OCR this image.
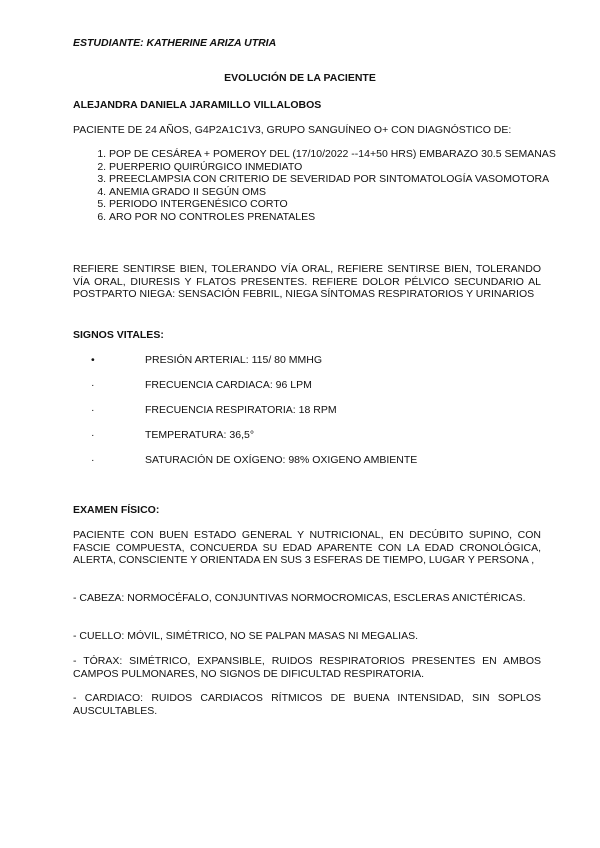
ESTUDIANTE: KATHERINE ARIZA UTRIA
EVOLUCIÓN DE LA PACIENTE
ALEJANDRA DANIELA JARAMILLO VILLALOBOS
PACIENTE DE 24 AÑOS, G4P2A1C1V3, GRUPO SANGUÍNEO O+ CON DIAGNÓSTICO DE:
1. POP DE CESÁREA + POMEROY DEL (17/10/2022 --14+50 HRS) EMBARAZO 30.5 SEMANAS
2. PUERPERIO QUIRÚRGICO INMEDIATO
3. PREECLAMPSIA CON CRITERIO DE SEVERIDAD POR SINTOMATOLOGÍA VASOMOTORA
4. ANEMIA GRADO II SEGÚN OMS
5. PERIODO INTERGENÉSICO CORTO
6. ARO POR NO CONTROLES PRENATALES
REFIERE SENTIRSE BIEN, TOLERANDO VÍA ORAL, REFIERE SENTIRSE BIEN, TOLERANDO VÍA ORAL, DIURESIS Y FLATOS PRESENTES. REFIERE DOLOR PÉLVICO SECUNDARIO AL POSTPARTO NIEGA: SENSACIÓN FEBRIL, NIEGA SÍNTOMAS RESPIRATORIOS Y URINARIOS
SIGNOS VITALES:
•	PRESIÓN ARTERIAL: 115/ 80 MMHG
·	FRECUENCIA CARDIACA: 96 LPM
·	FRECUENCIA RESPIRATORIA: 18 RPM
·	TEMPERATURA: 36,5°
·	SATURACIÓN DE OXÍGENO: 98% OXIGENO AMBIENTE
EXAMEN FÍSICO:
PACIENTE CON BUEN ESTADO GENERAL Y NUTRICIONAL, EN DECÚBITO SUPINO, CON FASCIE COMPUESTA, CONCUERDA SU EDAD APARENTE CON LA EDAD CRONOLÓGICA, ALERTA, CONSCIENTE Y ORIENTADA EN SUS 3 ESFERAS DE TIEMPO, LUGAR Y PERSONA ,
- CABEZA: NORMOCÉFALO, CONJUNTIVAS NORMOCROMICAS, ESCLERAS ANICTÉRICAS.
- CUELLO: MÓVIL, SIMÉTRICO, NO SE PALPAN MASAS NI MEGALIAS.
- TÓRAX: SIMÉTRICO, EXPANSIBLE, RUIDOS RESPIRATORIOS PRESENTES EN AMBOS CAMPOS PULMONARES, NO SIGNOS DE DIFICULTAD RESPIRATORIA.
- CARDIACO: RUIDOS CARDIACOS RÍTMICOS DE BUENA INTENSIDAD, SIN SOPLOS AUSCULTABLES.
